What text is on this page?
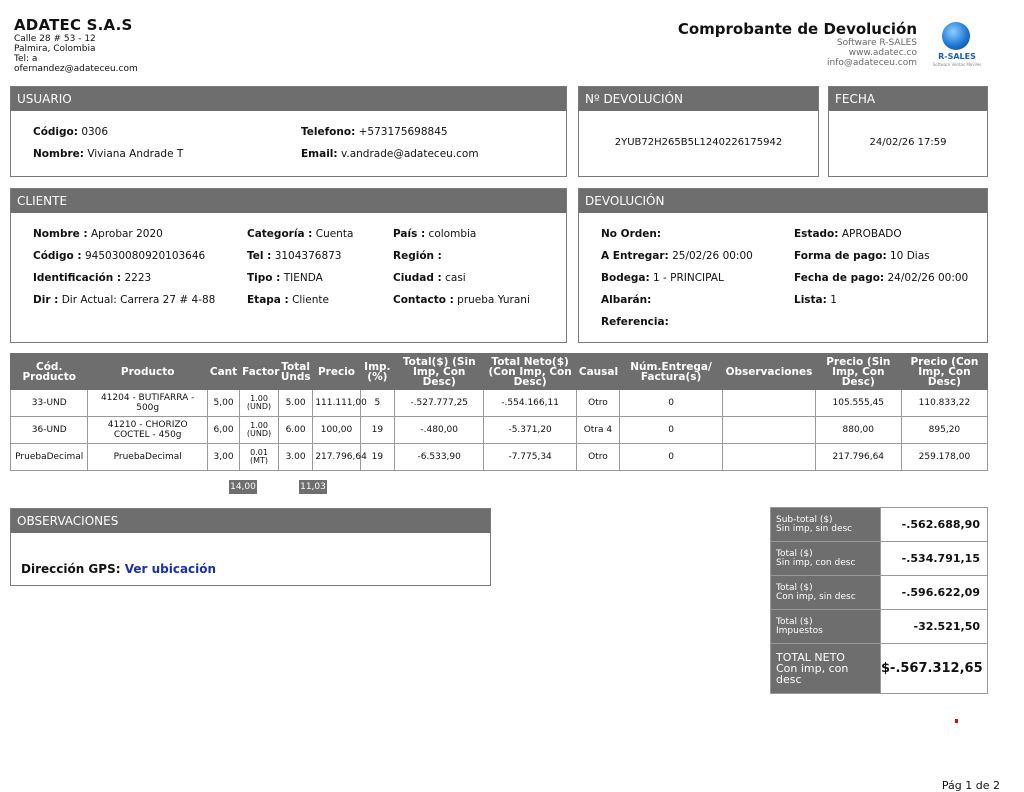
ADATEC S.A.S
Calle 28 # 53 - 12
Palmira, Colombia
Tel: a
ofernandez@adateceu.com
Comprobante de Devolución
Software R-SALES
www.adatec.co
info@adateceu.com
R-SALES
Software Ventas Móviles
USUARIO
Código: 0306
Nombre: Viviana Andrade T
Telefono: +573175698845
Email: v.andrade@adateceu.com
Nº DEVOLUCIÓN
2YUB72H265B5L1240226175942
FECHA
24/02/26 17:59
CLIENTE
Nombre : Aprobar 2020
Código : 945030080920103646
Identificación : 2223
Dir : Dir Actual: Carrera 27 # 4-88
Categoría : Cuenta
Tel : 3104376873
Tipo : TIENDA
Etapa : Cliente
País : colombia
Región :
Ciudad : casi
Contacto : prueba Yurani
DEVOLUCIÓN
No Orden:
A Entregar: 25/02/26 00:00
Bodega: 1 - PRINCIPAL
Albarán:
Referencia:
Estado: APROBADO
Forma de pago: 10 Dias
Fecha de pago: 24/02/26 00:00
Lista: 1
Cód. Producto	Producto	Cant	Factor	Total Unds	Precio	Imp. (%)	Total($) (Sin Imp, Con Desc)	Total Neto($) (Con Imp, Con Desc)	Causal	Núm.Entrega/ Factura(s)	Observaciones	Precio (Sin Imp, Con Desc)	Precio (Con Imp, Con Desc)
33-UND	41204 - BUTIFARRA - 500g	5,00	1.00
(UND)	5.00	111.111,00	5	-.527.777,25	-.554.166,11	Otro	0		105.555,45	110.833,22
36-UND	41210 - CHORIZO COCTEL - 450g	6,00	1.00
(UND)	6.00	100,00	19	-.480,00	-5.371,20	Otra 4	0		880,00	895,20
PruebaDecimal	PruebaDecimal	3,00	0.01
(MT)	3.00	217.796,64	19	-6.533,90	-7.775,34	Otro	0		217.796,64	259.178,00
14,00	11,03
OBSERVACIONES
Dirección GPS: Ver ubicación
Sub-total ($)
Sin imp, sin desc	-.562.688,90
Total ($)
Sin imp, con desc	-.534.791,15
Total ($)
Con imp, sin desc	-.596.622,09
Total ($)
Impuestos	-32.521,50
TOTAL NETO
Con imp, con
desc	$-.567.312,65
Pág 1 de 2
